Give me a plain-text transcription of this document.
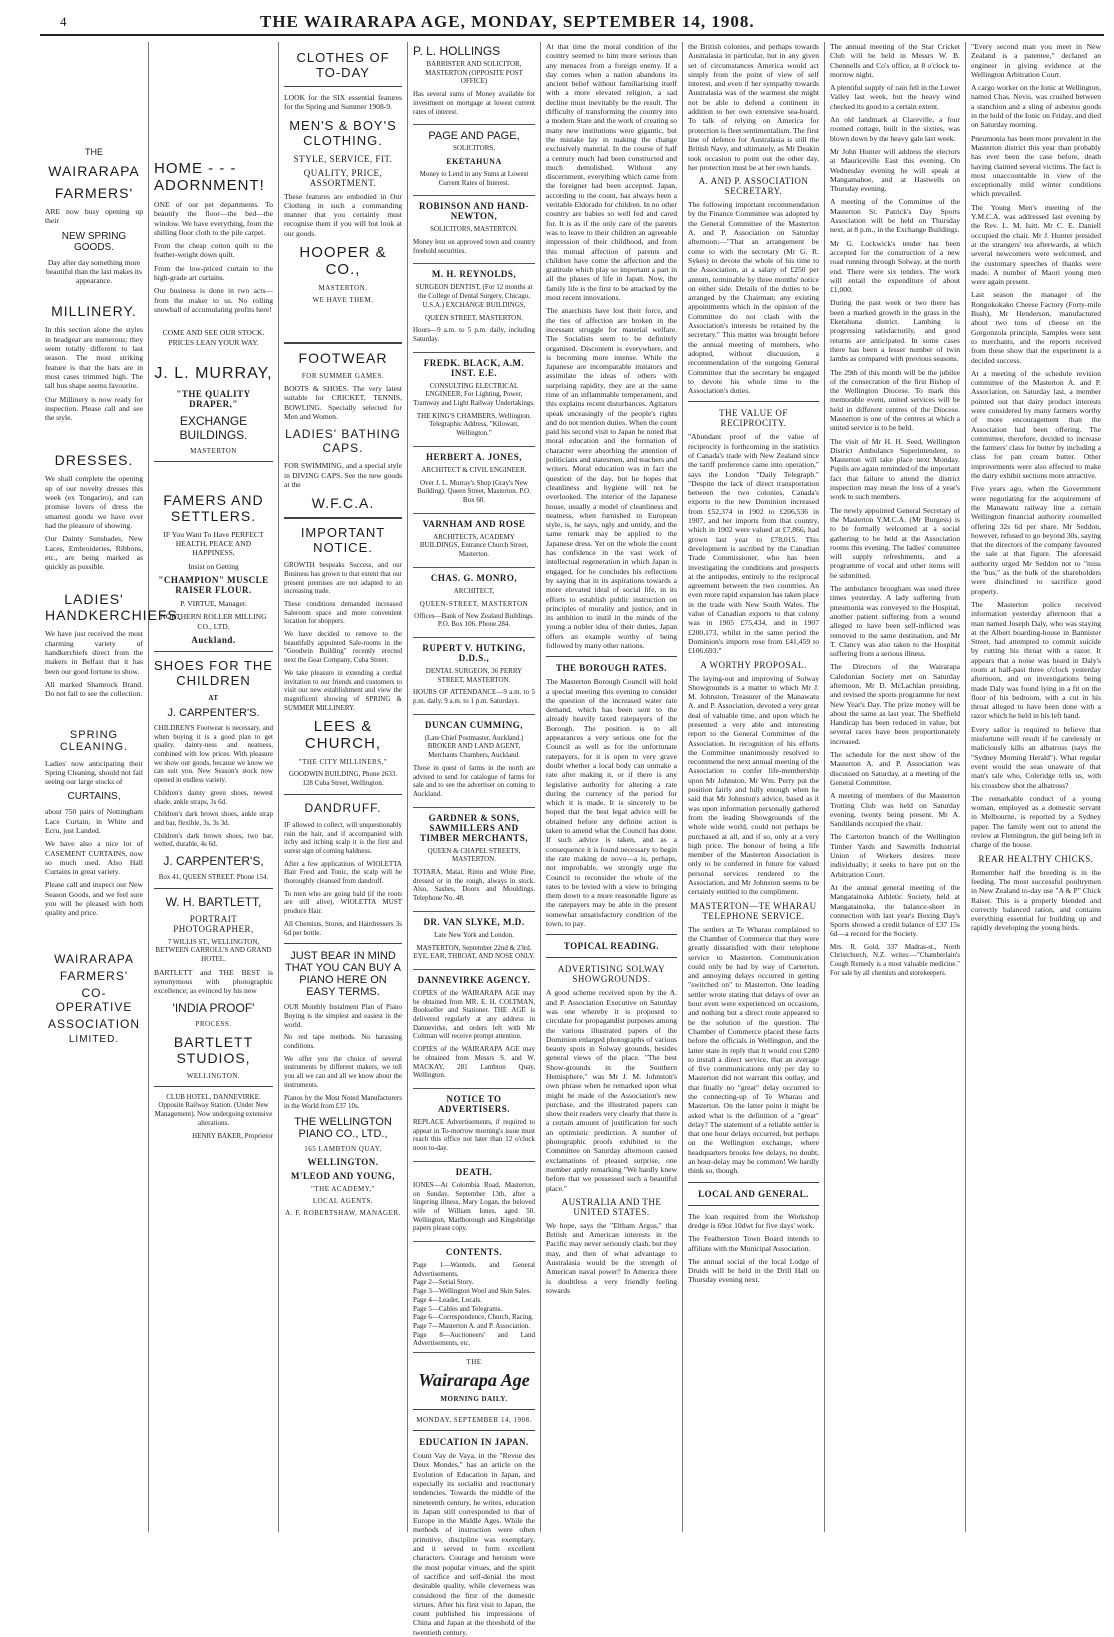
4	THE WAIRARAPA AGE, MONDAY, SEPTEMBER 14, 1908.
THE
WAIRARAPA
FARMERS'

ARE now busy opening up their

NEW SPRING GOODS.

Day after day something more beautiful than the last makes its appearance.

MILLINERY.

In this section alone the styles in headgear are numerous; they seem totally different to last season. The most striking feature is that the hats are in most cases trimmed high. The tall bus shape seems favourite.

Our Millinery is now ready for inspection. Please call and see the style.

DRESSES.

We shall complete the opening up of our novelty dresses this week (ex Tongariro), and can promise lovers of dress the smartest goods we have ever had the pleasure of showing.

Our Dainty Sunshades, New Laces, Embroideries, Ribbons, etc., are being marked as quickly as possible.

LADIES' HANDKERCHIEFS.

We have just received the most charming variety of handkerchiefs direct from the makers in Belfast that it has been our good fortune to show.

All marked Shamrock Brand. Do not fail to see the collection.

SPRING CLEANING.

Ladies' now anticipating their Spring Cleaning, should not fail seeing our large stocks of

CURTAINS,

about 750 pairs of Nottingham Lace Curtain, in White and Ecru, just Landed.

We have also a nice lot of CASEMENT CURTAINS, now so much used. Also Hall Curtains in great variety.

Please call and inspect our New Season Goods, and we feel sure you will be pleased with both quality and price.

WAIRARAPA
FARMERS'
CO-OPERATIVE
ASSOCIATION
LIMITED.
HOME - - - ADORNMENT!

ONE of our pet departments. To beautify the floor—the bed—the window. We have everything, from the shilling floor cloth to the pile carpet.

From the cheap cotton quilt to the feather-weight down quilt.

From the low-priced curtain to the high-grade art curtains.

Our business is done in two acts—from the maker to us. No rolling snowball of accumulating profits here!

COME AND SEE OUR STOCK. PRICES LEAN YOUR WAY.

J. L. MURRAY,
"THE QUALITY DRAPER,"
EXCHANGE BUILDINGS.
MASTERTON
FAMERS AND SETTLERS.

IF You Want To Have PERFECT HEALTH, PEACE AND HAPPINESS,

Insist on Getting

"CHAMPION" MUSCLE RAISER FLOUR.

P. VIRTUE, Manager.

NORTHERN ROLLER MILLING CO., LTD.

Auckland.
SHOES FOR THE CHILDREN
AT
J. CARPENTER'S.

CHILDREN'S Footwear is necessary, and when buying it is a good plan to get quality, dainty-ness and neatness, combined with low prices. With pleasure we show our goods, because we know we can suit you. New Season's stock now opened in endless variety.

Children's dainty green shoes, newest shade, ankle straps, 3s 6d.

Children's dark brown shoes, ankle strap and bar, flexible, 3s, 3s 3d.

Children's dark brown shoes, two bar, welted, durable, 4s 6d.

J. CARPENTER'S,

Box 41, QUEEN STREET. Phone 154.

W. H. BARTLETT,
PORTRAIT PHOTOGRAPHER,

7 WILLIS ST., WELLINGTON, BETWEEN CARROLL'S AND GRAND HOTEL.

BARTLETT and THE BEST is synonymous with photographic excellence; as evinced by his new

'INDIA PROOF'
PROCESS.
BARTLETT STUDIOS,
WELLINGTON.

CLUB HOTEL, DANNEVIRKE. Opposite Railway Station. (Under New Management). Now undergoing extensive alterations.

HENRY BAKER, Proprietor

CLOTHES OF TO-DAY

LOOK for the SIX essential features for the Spring and Summer 1908-9.

MEN'S & BOY'S CLOTHING.
STYLE, SERVICE, FIT.
QUALITY, PRICE, ASSORTMENT.

These features are embodied in Our Clothing in such a commanding manner that you certainly must recognise them if you will but look at our goods.

HOOPER & CO.,
MASTERTON.
WE HAVE THEM.
FOOTWEAR
FOR SUMMER GAMES.

BOOTS & SHOES. The very latest suitable for CRICKET, TENNIS, BOWLING. Specially selected for Men and Women.

LADIES' BATHING CAPS.

FOR SWIMMING, and a special style in DIVING CAPS. See the new goods at the

W.F.C.A.
IMPORTANT NOTICE.

GROWTH bespeaks Success, and our Business has grown to that extent that our present premises are not adapted to an increasing trade.

These conditions demanded increased Saleroom space and more convenient location for shoppers.

We have decided to remove to the beautifully appointed Sale-rooms in the "Goodwin Building" recently erected next the Gear Company, Cuba Street.

We take pleasure in extending a cordial invitation to our friends and customers to visit our new establishment and view the magnificent showing of SPRING & SUMMER MILLINERY.

LEES & CHURCH,
"THE CITY MILLINERS,"

GOODWIN BUILDING, Phone 2633. 128 Cuba Street, Wellington.

DANDRUFF.

IF allowed to collect, will unquestionably ruin the hair, and if accompanied with itchy and itching scalp it is the first and surest sign of coming baldness.

After a few applications of WIOLETTA Hair Food and Tonic, the scalp will be thoroughly cleansed from dandruff.

To men who are going bald (if the roots are still alive), WIOLETTA MUST produce Hair.

All Chemists, Stores, and Hairdressers 3s 6d per bottle.

JUST BEAR IN MIND THAT YOU CAN BUY A PIANO HERE ON EASY TERMS.

OUR Monthly Instalment Plan of Piano Buying is the simplest and easiest in the world.

No red tape methods. No harassing conditions.

We offer you the choice of several instruments by different makers, we tell you all we can and all we know about the instruments.

Pianos by the Most Noted Manufacturers in the World from £37 10s.

THE WELLINGTON PIANO CO., LTD.,
165 LAMBTON QUAY,
WELLINGTON.
M'LEOD AND YOUNG,
"THE ACADEMY,"
LOCAL AGENTS.
A. F. ROBERTSHAW, MANAGER.
P. L. HOLLINGS

BARRISTER AND SOLICITOR, MASTERTON (OPPOSITE POST OFFICE)

Has several sums of Money available for investment on mortgage at lowest current rates of interest.

PAGE AND PAGE,

SOLICITORS,

EKETAHUNA

Money to Lend in any Sums at Lowest Current Rates of Interest.

ROBINSON AND HAND-NEWTON,

SOLICITORS, MASTERTON.

Money lent on approved town and country freehold securities.

M. H. REYNOLDS,

SURGEON DENTIST, (For 12 months at the College of Dental Surgery, Chicago, U.S.A.) EXCHANGE BUILDINGS,

QUEEN STREET, MASTERTON.

Hours—9 a.m. to 5 p.m. daily, including Saturday.

FREDK. BLACK, A.M. INST. E.E.

CONSULTING ELECTRICAL ENGINEER, For Lighting, Power, Tramway and Light Railway Undertakings.

THE KING'S CHAMBERS, Wellington. Telegraphic Address, "Kilowatt, Wellington."

HERBERT A. JONES,

ARCHITECT & CIVIL ENGINEER.

Over J. L. Murray's Shop (Gray's New Building). Queen Street, Masterton. P.O. Box 60.

VARNHAM AND ROSE

ARCHITECTS, ACADEMY BUILDINGS, Entrance Church Street, Masterton.

CHAS. G. MONRO,

ARCHITECT,

QUEEN-STREET, MASTERTON

Offices—Bank of New Zealand Buildings. P.O. Box 106. Phone 284.

RUPERT V. HUTKING, D.D.S.,

DENTAL SURGEON, 36 PERRY STREET, MASTERTON.

HOURS OF ATTENDANCE—9 a.m. to 5 p.m. daily. 9 a.m. to 1 p.m. Saturdays.

DUNCAN CUMMING,

(Late Chief Postmaster, Auckland.) BROKER AND LAND AGENT, Merchants Chambers, Auckland.

Those in quest of farms in the north are advised to send for catalogue of farms for sale and to see the advertiser on coming to Auckland.

GARDNER & SONS, SAWMILLERS AND TIMBER MERCHANTS,

QUEEN & CHAPEL STREETS, MASTERTON.

TOTARA, Matai, Rimu and White Pine, dressed or in the rough, always in stock. Also, Sashes, Doors and Mouldings. Telephone No. 48.

DR. VAN SLYKE, M.D.

Late New York and London.

MASTERTON, September 22nd & 23rd. EYE, EAR, THROAT, AND NOSE ONLY.

DANNEVIRKE AGENCY.

COPIES of the WAIRARAPA AGE may be obtained from MR. E. H. COLTMAN, Bookseller and Stationer. THE AGE is delivered regularly at any address in Dannevirke, and orders left with Mr Coltman will receive prompt attention.

COPIES of the WAIRARAPA AGE may be obtained from Messrs S. and W. MACKAY, 281 Lambton Quay, Wellington.

NOTICE TO ADVERTISERS.

REPLACE Advertisements, if required to appear in To-morrow morning's issue must reach this office not later than 12 o'clock noon to-day.

DEATH.

IONES—At Colombia Road, Masterton, on Sunday, September 13th, after a lingering illness, Mary Logan, the beloved wife of William Iones, aged 50. Wellington, Marlborough and Kingsbridge papers please copy.

CONTENTS.

Page 1—Wanteds, and General Advertisements.

Page 2—Serial Story.

Page 3—Wellington Wool and Skin Sales.

Page 4—Leader, Locals.

Page 5—Cables and Telegrams.

Page 6—Correspondence, Church, Racing.

Page 7—Masterton A. and P. Association.

Page 8—Auctioneers' and Land Advertisements, etc.

THE
Wairarapa Age
MORNING DAILY.
MONDAY, SEPTEMBER 14, 1908.
EDUCATION IN JAPAN.

Count Vay de Vaya, in the "Revue des Deux Mondes," has an article on the Evolution of Education in Japan, and especially its socialist and reactionary tendencies. Towards the middle of the nineteenth century, he writes, education in Japan still corresponded to that of Europe in the Middle Ages. While the methods of instruction were often primitive, discipline was exemplary, and it served to form excellent characters. Courage and heroism were the most popular virtues, and the spirit of sacrifice and self-denial the most desirable quality, while cleverness was considered the first of the domestic virtues. After his first visit to Japan, the count published his impressions of China and Japan at the threshold of the twentieth century.

At that time the moral condition of the country seemed to him more serious than any menaces from a foreign enemy. If a day comes when a nation abandons its ancient belief without familiarising itself with a more elevated religion, a sad decline must inevitably be the result. The difficulty of transforming the country into a modern State and the work of creating so many new institutions were gigantic, but the mistake lay in making the change exclusively material. In the course of half a century much had been constructed and much demolished. Without any discernment, everything which came from the foreigner had been accepted. Japan, according to the count, has always been a veritable Eldorado for children. In no other country are babies so well fed and cared for. It is as if the only care of the parents was to leave to their children an agreeable impression of their childhood, and from this mutual affection of parents and children have come the affection and the gratitude which play so important a part in all the phases of life in Japan. Now, the family life is the first to be attacked by the most recent innovations.

The anarchists have lost their force, and the ties of affection are broken in the incessant struggle for material welfare. The Socialists seem to be definitely organised. Discontent is everywhere, and is becoming more intense. While the Japanese are incomparable imitators and assimilate the ideas of others with surprising rapidity, they are at the same time of an inflammable temperament, and this explains recent disturbances. Agitators speak unceasingly of the people's rights and do not mention duties. When the count paid his second visit to Japan he noted that moral education and the formation of character were absorbing the attention of politicians and statesmen, and teachers and writers. Moral education was in fact the question of the day, but he hopes that cleanliness and hygiene will not be overlooked. The interior of the Japanese house, usually a model of cleanliness and neatness, when furnished in European style, is, he says, ugly and untidy, and the same remark may be applied to the Japanese dress. Yet on the whole the count has confidence in the vast work of intellectual regeneration in which Japan is engaged, for he concludes his reflections by saying that in its aspirations towards a more elevated ideal of social life, in its efforts to establish public instruction on principles of morality and justice, and in its ambition to instil in the minds of the young a nobler idea of their duties, Japan offers an example worthy of being followed by many other nations.

THE BOROUGH RATES.

The Masterton Borough Council will hold a special meeting this evening to consider the question of the increased water rate demand, which has been sent to the already heavily taxed ratepayers of the Borough. The position is to all appearances a very serious one for the Council as well as for the unfortunate ratepayers, for it is open to very grave doubt whether a local body can unmake a rate after making it, or if there is any legislative authority for altering a rate during the currency of the period for which it is made. It is sincerely to be hoped that the best legal advice will be obtained before any definite action is taken to amend what the Council has done. If such advice is taken, and as a consequence it is found necessary to begin the rate making de novo—a is, perhaps, not improbable, we strongly urge the Council to reconsider the whole of the rates to be levied with a view to bringing them down to a more reasonable figure as the ratepayers may be able in the present somewhat unsatisfactory condition of the town, to pay.

TOPICAL READING.
ADVERTISING SOLWAY SHOWGROUNDS.

A good scheme received upon by the A. and P. Association Executive on Saturday was one whereby it is proposed to circulate for propagandist purposes among the various illustrated papers of the Dominion enlarged photographs of various beauty spots in Solway grounds, besides general views of the place. "The best Show-grounds in the Southern Hemisphere," was Mr J. M. Johnston's own phrase when he remarked upon what might be made of the Association's new purchase, and the illustrated papers can show their readers very clearly that there is a certain amount of justification for such an optimistic prediction. A number of photographic proofs exhibited to the Committee on Saturday afternoon caused exclamations of pleased surprise, one member aptly remarking "We hardly knew before that we possessed such a beautiful place."

AUSTRALIA AND THE UNITED STATES.

We hope, says the "Eltham Argus," that British and American interests in the Pacific may never seriously clash, but they may, and then of what advantage to Australasia would be the strength of American naval power? In America there is doubtless a very friendly feeling towards

the British colonies, and perhaps towards Australasia in particular, but in any given set of circumstances America would act simply from the point of view of self interest, and even if her sympathy towards Australasia was of the warmest she might not be able to defend a continent in addition to her own extensive sea-board. To talk of relying on America for protection is fleet sentimentalism. The first line of defence for Australasia is still the British Navy, and ultimately, as Mr Deakin took occasion to point out the other day, her protection must be at her own hands.

A. AND P. ASSOCIATION SECRETARY.

The following important recommendation by the Finance Committee was adopted by the General Committee of the Masterton A. and P. Association on Saturday afternoon:—"That an arrangement be come to with the secretary (Mr G. R. Sykes) to devote the whole of his time to the Association, at a salary of £250 per annum, terminable by three months' notice on either side. Details of the duties to be arranged by the Chairman; any existing appointments which in the opinion of the Committee do not clash with the Association's interests be retained by the secretary." This matter was brought before the annual meeting of members, who adopted, without discussion, a recommendation of the outgoing General Committee that the secretary be engaged to devote his whole time to the Association's duties.

THE VALUE OF RECIPROCITY.

"Abundant proof of the value of reciprocity is forthcoming in the statistics of Canada's trade with New Zealand since the tariff preference came into operation," says the London "Daily Telegraph." "Despite the lack of direct transportation between the two colonies, Canada's exports to the new Dominion increased from £52,374 in 1902 to £206,536 in 1907, and her imports from that country, which in 1902 were valued at £7,866, had grown last year to £78,015. This development is ascribed by the Canadian Trade Commissioner, who has been investigating the conditions and prospects at the antipodes, entirely to the reciprocal agreement between the two countries. An even more rapid expansion has taken place in the trade with New South Wales. The value of Canadian exports to that colony was in 1905 £75,434, and in 1907 £200,173, whilst in the same period the Dominion's imports rose from £41,459 to £106,693."

A WORTHY PROPOSAL.

The laying-out and improving of Solway Showgrounds is a matter to which Mr J. M. Johnston, Treasurer of the Manawatu A. and P. Association, devoted a very great deal of valuable time, and upon which he presented a very able and interesting report to the General Committee of the Association. In recognition of his efforts the Committee unanimously resolved to recommend the next annual meeting of the Association to confer life-membership upon Mr Johnston. Mr Wm. Perry put the position fairly and fully enough when he said that Mr Johnston's advice, based as it was upon information personally gathered from the leading Showgrounds of the whole wide world, could not perhaps be purchased at all, and if so, only at a very high price. The honour of being a life member of the Masterton Association is only to be conferred in future for valued personal services rendered to the Association, and Mr Johnston seems to be certainly entitled to the compliment.

MASTERTON—TE WHARAU TELEPHONE SERVICE.

The settlers at Te Wharau complained to the Chamber of Commerce that they were greatly dissatisfied with their telephone service to Masterton. Communication could only be had by way of Carterton, and annoying delays occurred in getting "switched on" to Masterton. One leading settler wrote stating that delays of over an hour even were experienced on occasions, and nothing but a direct route appeared to be the solution of the question. The Chamber of Commerce placed these facts before the officials in Wellington, and the latter state in reply that it would cost £280 to install a direct service, that an average of five communications only per day to Masterton did not warrant this outlay, and that finally no "great" delay occurred to the connecting-up of Te Wharau and Masterton. On the latter point it might be asked what is the definition of a "great" delay? The statement of a reliable settler is that one hour delays occurred, but perhaps on the Wellington exchange, where headquarters brooks few delays, no doubt, an hour-delay may be common! We hardly think so, though.

LOCAL AND GENERAL.

The loan required from the Workshop dredge is 69oz 10dwt for five days' work.

The Featherston Town Board intends to affiliate with the Municipal Association.

The annual social of the local Lodge of Druids will be held in the Drill Hall on Thursday evening next.

The annual meeting of the Star Cricket Club will be held in Messrs W. B. Chennells and Co's office, at 8 o'clock to-morrow night.

A plentiful supply of rain fell in the Lower Valley last week, but the heavy wind checked its good to a certain extent.

An old landmark at Clareville, a four roomed cottage, built in the sixties, was blown down by the heavy gale last week.

Mr John Hunter will address the electors at Mauriceville East this evening. On Wednesday evening he will speak at Mangamahoe, and at Hastwells on Thursday evening.

A meeting of the Committee of the Masterton St. Patrick's Day Sports Association will be held on Thursday next, at 8 p.m., in the Exchange Buildings.

Mr G. Lockwick's tender has been accepted for the construction of a new road running through Solway, at the north end. There were six tenders. The work will entail the expenditure of about £1,000.

During the past week or two there has been a marked growth in the grass in the Eketahuna district. Lambing is progressing satisfactorily, and good returns are anticipated. In some cases there has been a lesser number of twin lambs as compared with previous seasons.

The 29th of this month will be the jubilee of the consecration of the first Bishop of the Wellington Diocese. To mark this memorable event, united services will be held in different centres of the Diocese. Masterton is one of the centres at which a united service is to be held.

The visit of Mr H. H. Seed, Wellington District Ambulance Superintendent, to Masterton will take place next Monday. Pupils are again reminded of the important fact that failure to attend the district inspection may mean the loss of a year's work to such members.

The newly appointed General Secretary of the Masterton Y.M.C.A. (Mr Burgess) is to be formally welcomed at a social gathering to be held at the Association rooms this evening. The ladies' committee will supply refreshments, and a programme of vocal and other items will be submitted.

The ambulance brougham was used three times yesterday. A lady suffering from pneumonia was conveyed to the Hospital, another patient suffering from a wound alleged to have been self-inflicted was removed to the same destination, and Mr T. Clancy was also taken to the Hospital suffering from a serious illness.

The Directors of the Wairarapa Caledonian Society met on Saturday afternoon, Mr D. McLachlan presiding, and revised the sports programme for next New Year's Day. The prize money will be about the same as last year. The Sheffield Handicap has been reduced in value, but several races have been proportionately increased.

The schedule for the next show of the Masterton A. and P. Association was discussed on Saturday, at a meeting of the General Committee.

A meeting of members of the Masterton Trotting Club was held on Saturday evening, twenty being present. Mr A. Sandilands occupied the chair.

The Carterton branch of the Wellington Timber Yards and Sawmills Industrial Union of Workers desires more individually; it seeks to have put on the Arbitration Court.

At the annual general meeting of the Mangatainoka Athletic Society, held at Mangatainoka, the balance-sheet in connection with last year's Boxing Day's Sports showed a credit balance of £37 15s 6d—a record for the Society.

Mrs. R. Gold, 337 Madras-st., North Christchurch, N.Z. writes:—"Chamberlain's Cough Remedy is a most valuable medicine." For sale by all chemists and storekeepers.

"Every second man you meet in New Zealand is a patentee," declared an engineer in giving evidence at the Wellington Arbitration Court.

A cargo worker on the Ionic at Wellington, named Chas. Nevis, was crushed between a stanchion and a sling of asbestos goods in the hold of the Ionic on Friday, and died on Saturday morning.

Pneumonia has been more prevalent in the Masterton district this year than probably has ever been the case before, death having claimed several victims. The fact is most unaccountable in view of the exceptionally mild winter conditions which prevailed.

The Young Men's meeting of the Y.M.C.A. was addressed last evening by the Rev. L. M. Isitt. Mr C. E. Daniell occupied the chair. Mr J. Hunter presided at the strangers' tea afterwards, at which several newcomers were welcomed, and the customary speeches of thanks were made. A number of Maori young men were again present.

Last season the manager of the Rongokokako Cheese Factory (Forty-mile Bush), Mr Henderson, manufactured about two tons of cheese on the Gorgonzola principle. Samples were sent to merchants, and the reports received from these show that the experiment is a decided success.

At a meeting of the schedule revision committee of the Masterton A. and P. Association, on Saturday last, a member pointed out that dairy product interests were considered by many farmers worthy of more encouragement than the Association had been offering. The committee, therefore, decided to increase the farmers' class for butter by including a class for pan cream butter. Other improvements were also effected to make the dairy exhibit sections more attractive.

Five years ago, when the Government were negotiating for the acquirement of the Manawatu railway line a certain Wellington financial authority counselled offering 32s 6d per share. Mr Seddon, however, refused to go beyond 30s, saying that the directors of the company favoured the sale at that figure. The aforesaid authority urged Mr Seddon not to "miss the 'bus," as the bulk of the shareholders were disinclined to sacrifice good property.

The Masterton police received information yesterday afternoon that a man named Joseph Daly, who was staying at the Albert boarding-house in Bannister Street, had attempted to commit suicide by cutting his throat with a razor. It appears that a noise was heard in Daly's room at half-past three o'clock yesterday afternoon, and on investigations being made Daly was found lying in a fit on the floor of his bedroom, with a cut in his throat alleged to have been done with a razor which he held in his left hand.

Every sailor is required to believe that misfortune will result if he carelessly or maliciously kills an albatross (says the "Sydney Morning Herald"). What regular event would the seas unaware of that man's tale who, Coleridge tells us, with his crossbow shot the albatross?

The remarkable conduct of a young woman, employed as a domestic servant in Melbourne, is reported by a Sydney paper. The family went out to attend the review at Flemington, the girl being left in charge of the house.

REAR HEALTHY CHICKS.

Remember half the breeding is in the feeding. The most successful poultrymen in New Zealand to-day use "A & P" Chick Raiser. This is a properly blended and correctly balanced ration, and contains everything essential for building up and rapidly developing the young birds.
